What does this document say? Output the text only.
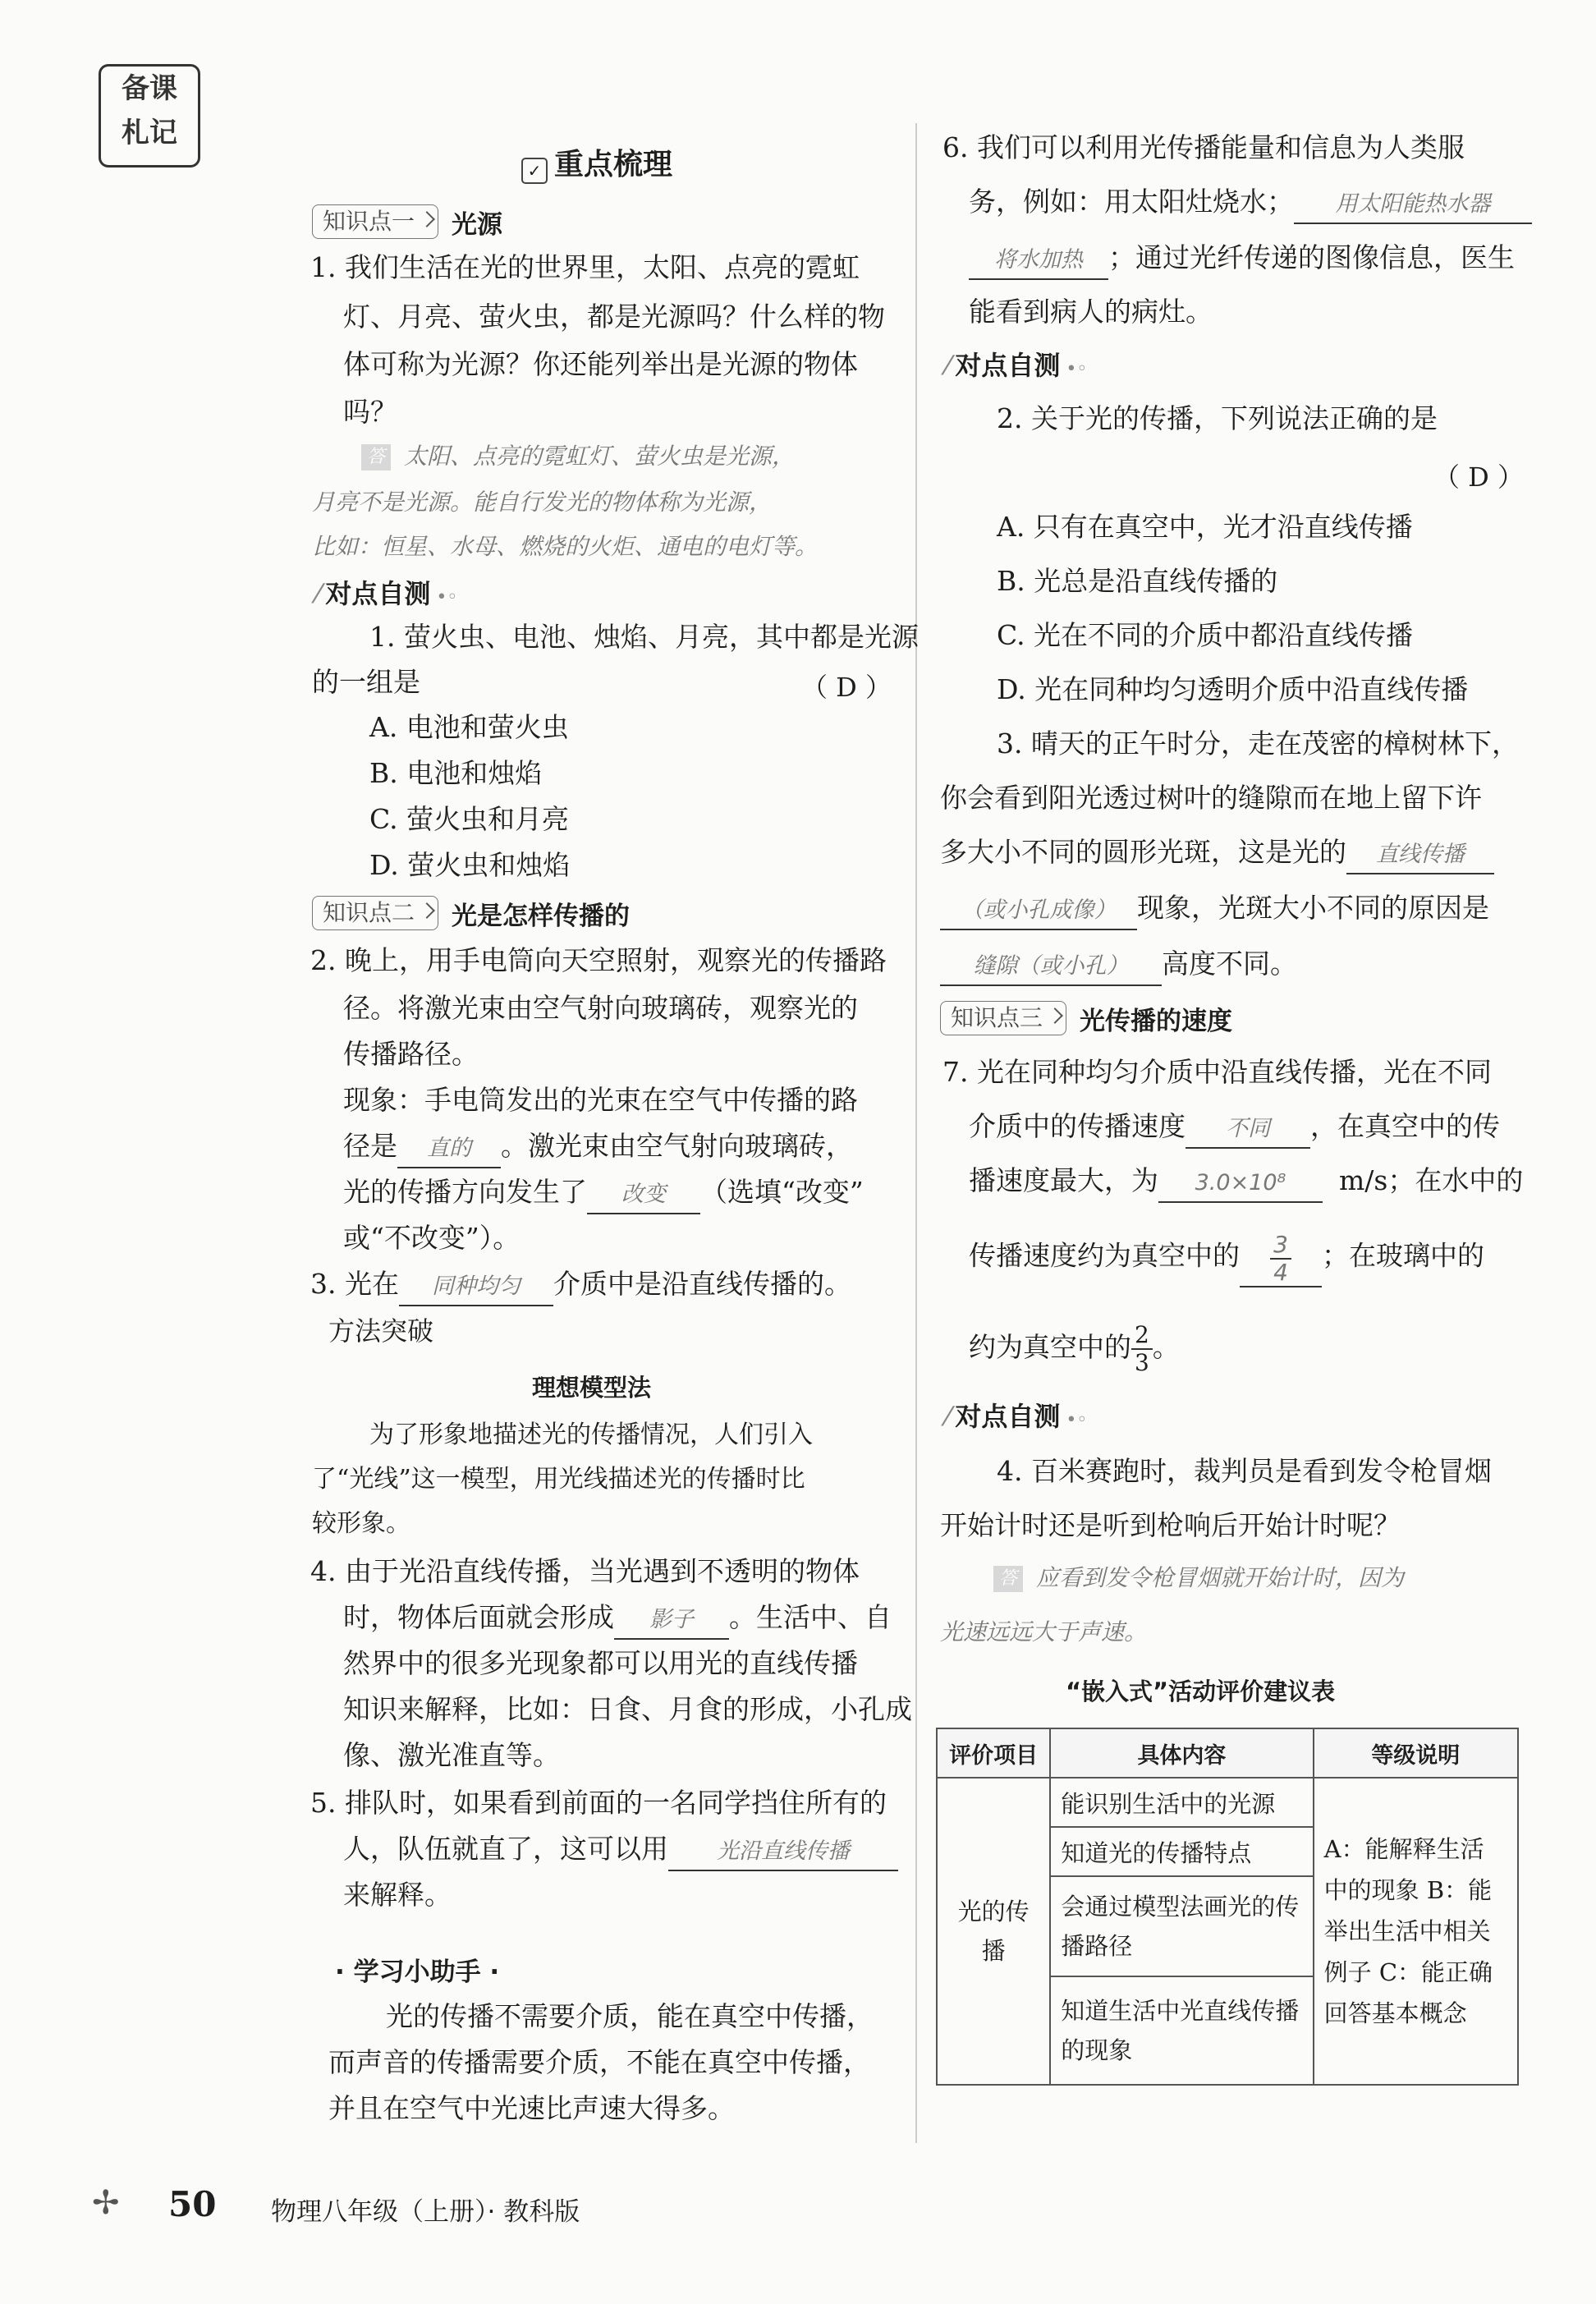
备课
札记
✓ 重点梳理
知识点一	光源
1. 我们生活在光的世界里，太阳、点亮的霓虹
灯、月亮、萤火虫，都是光源吗？什么样的物
体可称为光源？你还能列举出是光源的物体
吗？
答 太阳、点亮的霓虹灯、萤火虫是光源，
月亮不是光源。能自行发光的物体称为光源，
比如：恒星、水母、燃烧的火炬、通电的电灯等。
⁄ 对点自测 •◦
1. 萤火虫、电池、烛焰、月亮，其中都是光源
的一组是	（ D ）
A. 电池和萤火虫
B. 电池和烛焰
C. 萤火虫和月亮
D. 萤火虫和烛焰
知识点二	光是怎样传播的
2. 晚上，用手电筒向天空照射，观察光的传播路
径。将激光束由空气射向玻璃砖，观察光的
传播路径。
现象：手电筒发出的光束在空气中传播的路
径是 直的 。激光束由空气射向玻璃砖，
光的传播方向发生了 改变 （选填“改变”
或“不改变”）。
3. 光在 同种均匀 介质中是沿直线传播的。
方法突破
理想模型法
为了形象地描述光的传播情况，人们引入
了“光线”这一模型，用光线描述光的传播时比
较形象。
4. 由于光沿直线传播，当光遇到不透明的物体
时，物体后面就会形成 影子 。生活中、自
然界中的很多光现象都可以用光的直线传播
知识来解释，比如：日食、月食的形成，小孔成
像、激光准直等。
5. 排队时，如果看到前面的一名同学挡住所有的
人，队伍就直了，这可以用 光沿直线传播
来解释。
· 学习小助手 ·
光的传播不需要介质，能在真空中传播，
而声音的传播需要介质，不能在真空中传播，
并且在空气中光速比声速大得多。
6. 我们可以利用光传播能量和信息为人类服
务，例如：用太阳灶烧水； 用太阳能热水器
将水加热 ；通过光纤传递的图像信息，医生
能看到病人的病灶。
⁄ 对点自测 •◦
2. 关于光的传播，下列说法正确的是
（ D ）
A. 只有在真空中，光才沿直线传播
B. 光总是沿直线传播的
C. 光在不同的介质中都沿直线传播
D. 光在同种均匀透明介质中沿直线传播
3. 晴天的正午时分，走在茂密的樟树林下，
你会看到阳光透过树叶的缝隙而在地上留下许
多大小不同的圆形光斑，这是光的 直线传播
（或小孔成像） 现象，光斑大小不同的原因是
缝隙（或小孔） 高度不同。
知识点三	光传播的速度
7. 光在同种均匀介质中沿直线传播，光在不同
介质中的传播速度 不同 ，在真空中的传
播速度最大，为 3.0×10⁸ m/s；在水中的
传播速度约为真空中的 $\frac{3}{4}$ ；在玻璃中的
约为真空中的 $\frac{2}{3}$ 。
⁄ 对点自测 •◦
4. 百米赛跑时，裁判员是看到发令枪冒烟
开始计时还是听到枪响后开始计时呢？
答 应看到发令枪冒烟就开始计时，因为
光速远远大于声速。
“嵌入式”活动评价建议表
评价项目	具体内容	等级说明
光的传播	能识别生活中的光源	A：能解释生活中的现象 B：能举出生活中相关例子 C：能正确回答基本概念
	知道光的传播特点	
	会通过模型法画光的传播路径	
	知道生活中光直线传播的现象	
✢ 50 物理八年级（上册）· 教科版
